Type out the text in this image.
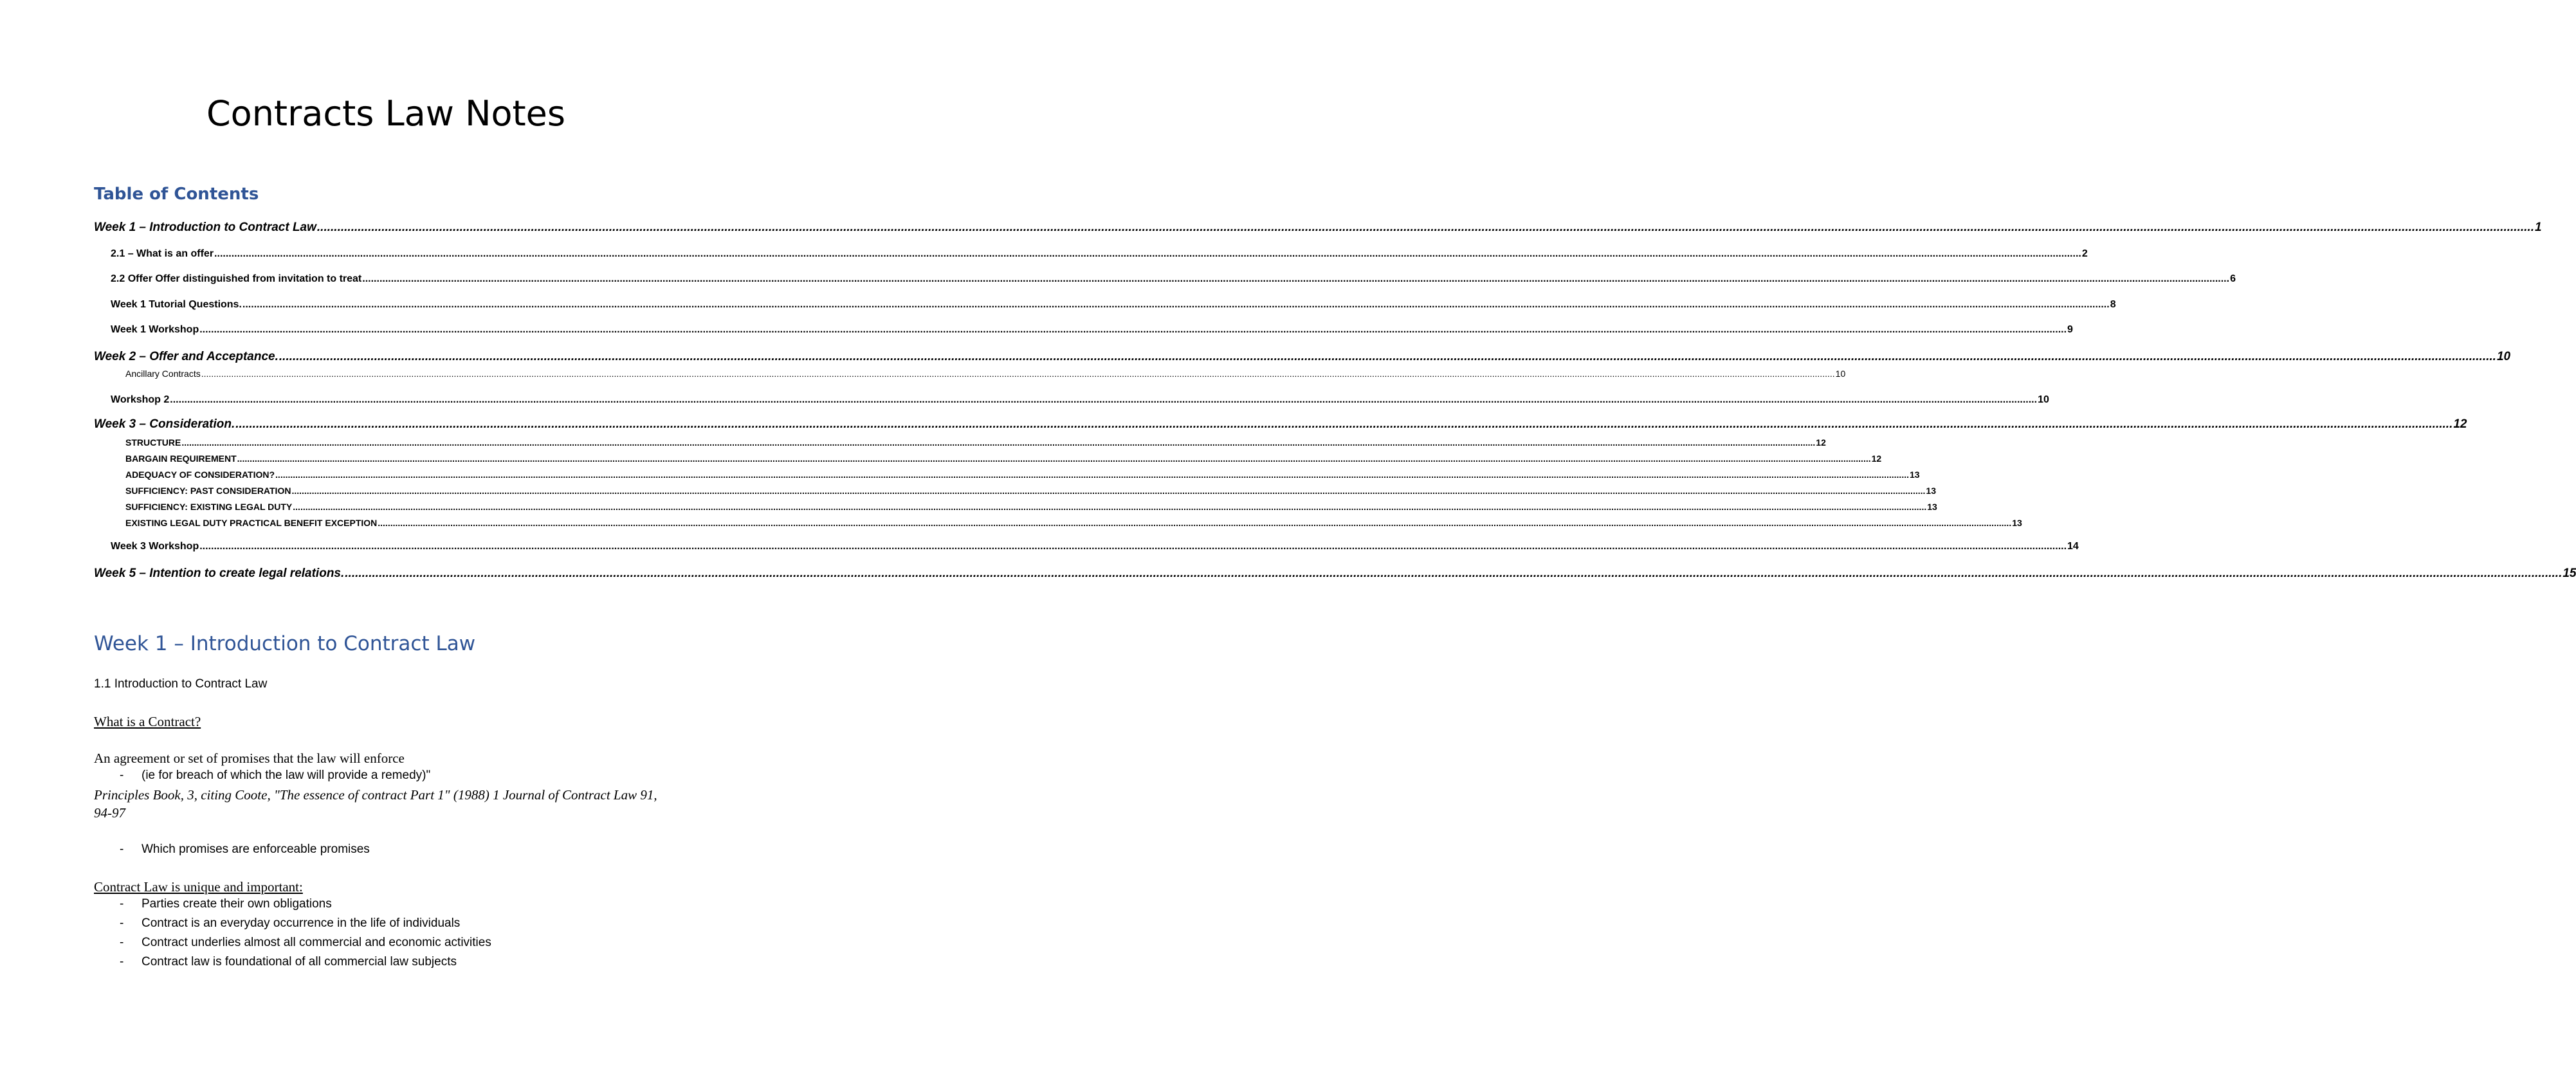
Contracts Law Notes
Table of Contents
Week 1 – Introduction to Contract Law ............................................................................................................................................................................................................................................................................................................................................................................................................................................................................................................................................................................................................................................................................. 1
2.1 – What is an offer ............................................................................................................................................................................................................................................................................................................................................................................................................................................................................................................................................................................................................................................................................. 2
2.2 Offer Offer distinguished from invitation to treat ............................................................................................................................................................................................................................................................................................................................................................................................................................................................................................................................................................................................................................................................................. 6
Week 1 Tutorial Questions. ............................................................................................................................................................................................................................................................................................................................................................................................................................................................................................................................................................................................................................................................................. 8
Week 1 Workshop ............................................................................................................................................................................................................................................................................................................................................................................................................................................................................................................................................................................................................................................................................. 9
Week 2 – Offer and Acceptance. ............................................................................................................................................................................................................................................................................................................................................................................................................................................................................................................................................................................................................................................................................. 10
Ancillary Contracts ............................................................................................................................................................................................................................................................................................................................................................................................................................................................................................................................................................................................................................................................................. 10
Workshop 2 ............................................................................................................................................................................................................................................................................................................................................................................................................................................................................................................................................................................................................................................................................. 10
Week 3 – Consideration. ............................................................................................................................................................................................................................................................................................................................................................................................................................................................................................................................................................................................................................................................................. 12
STRUCTURE ............................................................................................................................................................................................................................................................................................................................................................................................................................................................................................................................................................................................................................................................................. 12
BARGAIN REQUIREMENT ............................................................................................................................................................................................................................................................................................................................................................................................................................................................................................................................................................................................................................................................................. 12
ADEQUACY OF CONSIDERATION? ............................................................................................................................................................................................................................................................................................................................................................................................................................................................................................................................................................................................................................................................................. 13
SUFFICIENCY: PAST CONSIDERATION ............................................................................................................................................................................................................................................................................................................................................................................................................................................................................................................................................................................................................................................................................. 13
SUFFICIENCY: EXISTING LEGAL DUTY ............................................................................................................................................................................................................................................................................................................................................................................................................................................................................................................................................................................................................................................................................. 13
EXISTING LEGAL DUTY PRACTICAL BENEFIT EXCEPTION ............................................................................................................................................................................................................................................................................................................................................................................................................................................................................................................................................................................................................................................................................. 13
Week 3 Workshop ............................................................................................................................................................................................................................................................................................................................................................................................................................................................................................................................................................................................................................................................................. 14
Week 5 – Intention to create legal relations. ............................................................................................................................................................................................................................................................................................................................................................................................................................................................................................................................................................................................................................................................................. 15
Week 1 – Introduction to Contract Law
1.1 Introduction to Contract Law
What is a Contract?
An agreement or set of promises that the law will enforce
- (ie for breach of which the law will provide a remedy)"
Principles Book, 3, citing Coote, "The essence of contract Part 1" (1988) 1 Journal of Contract Law 91, 94-97
- Which promises are enforceable promises
Contract Law is unique and important:
- Parties create their own obligations
- Contract is an everyday occurrence in the life of individuals
- Contract underlies almost all commercial and economic activities
- Contract law is foundational of all commercial law subjects
